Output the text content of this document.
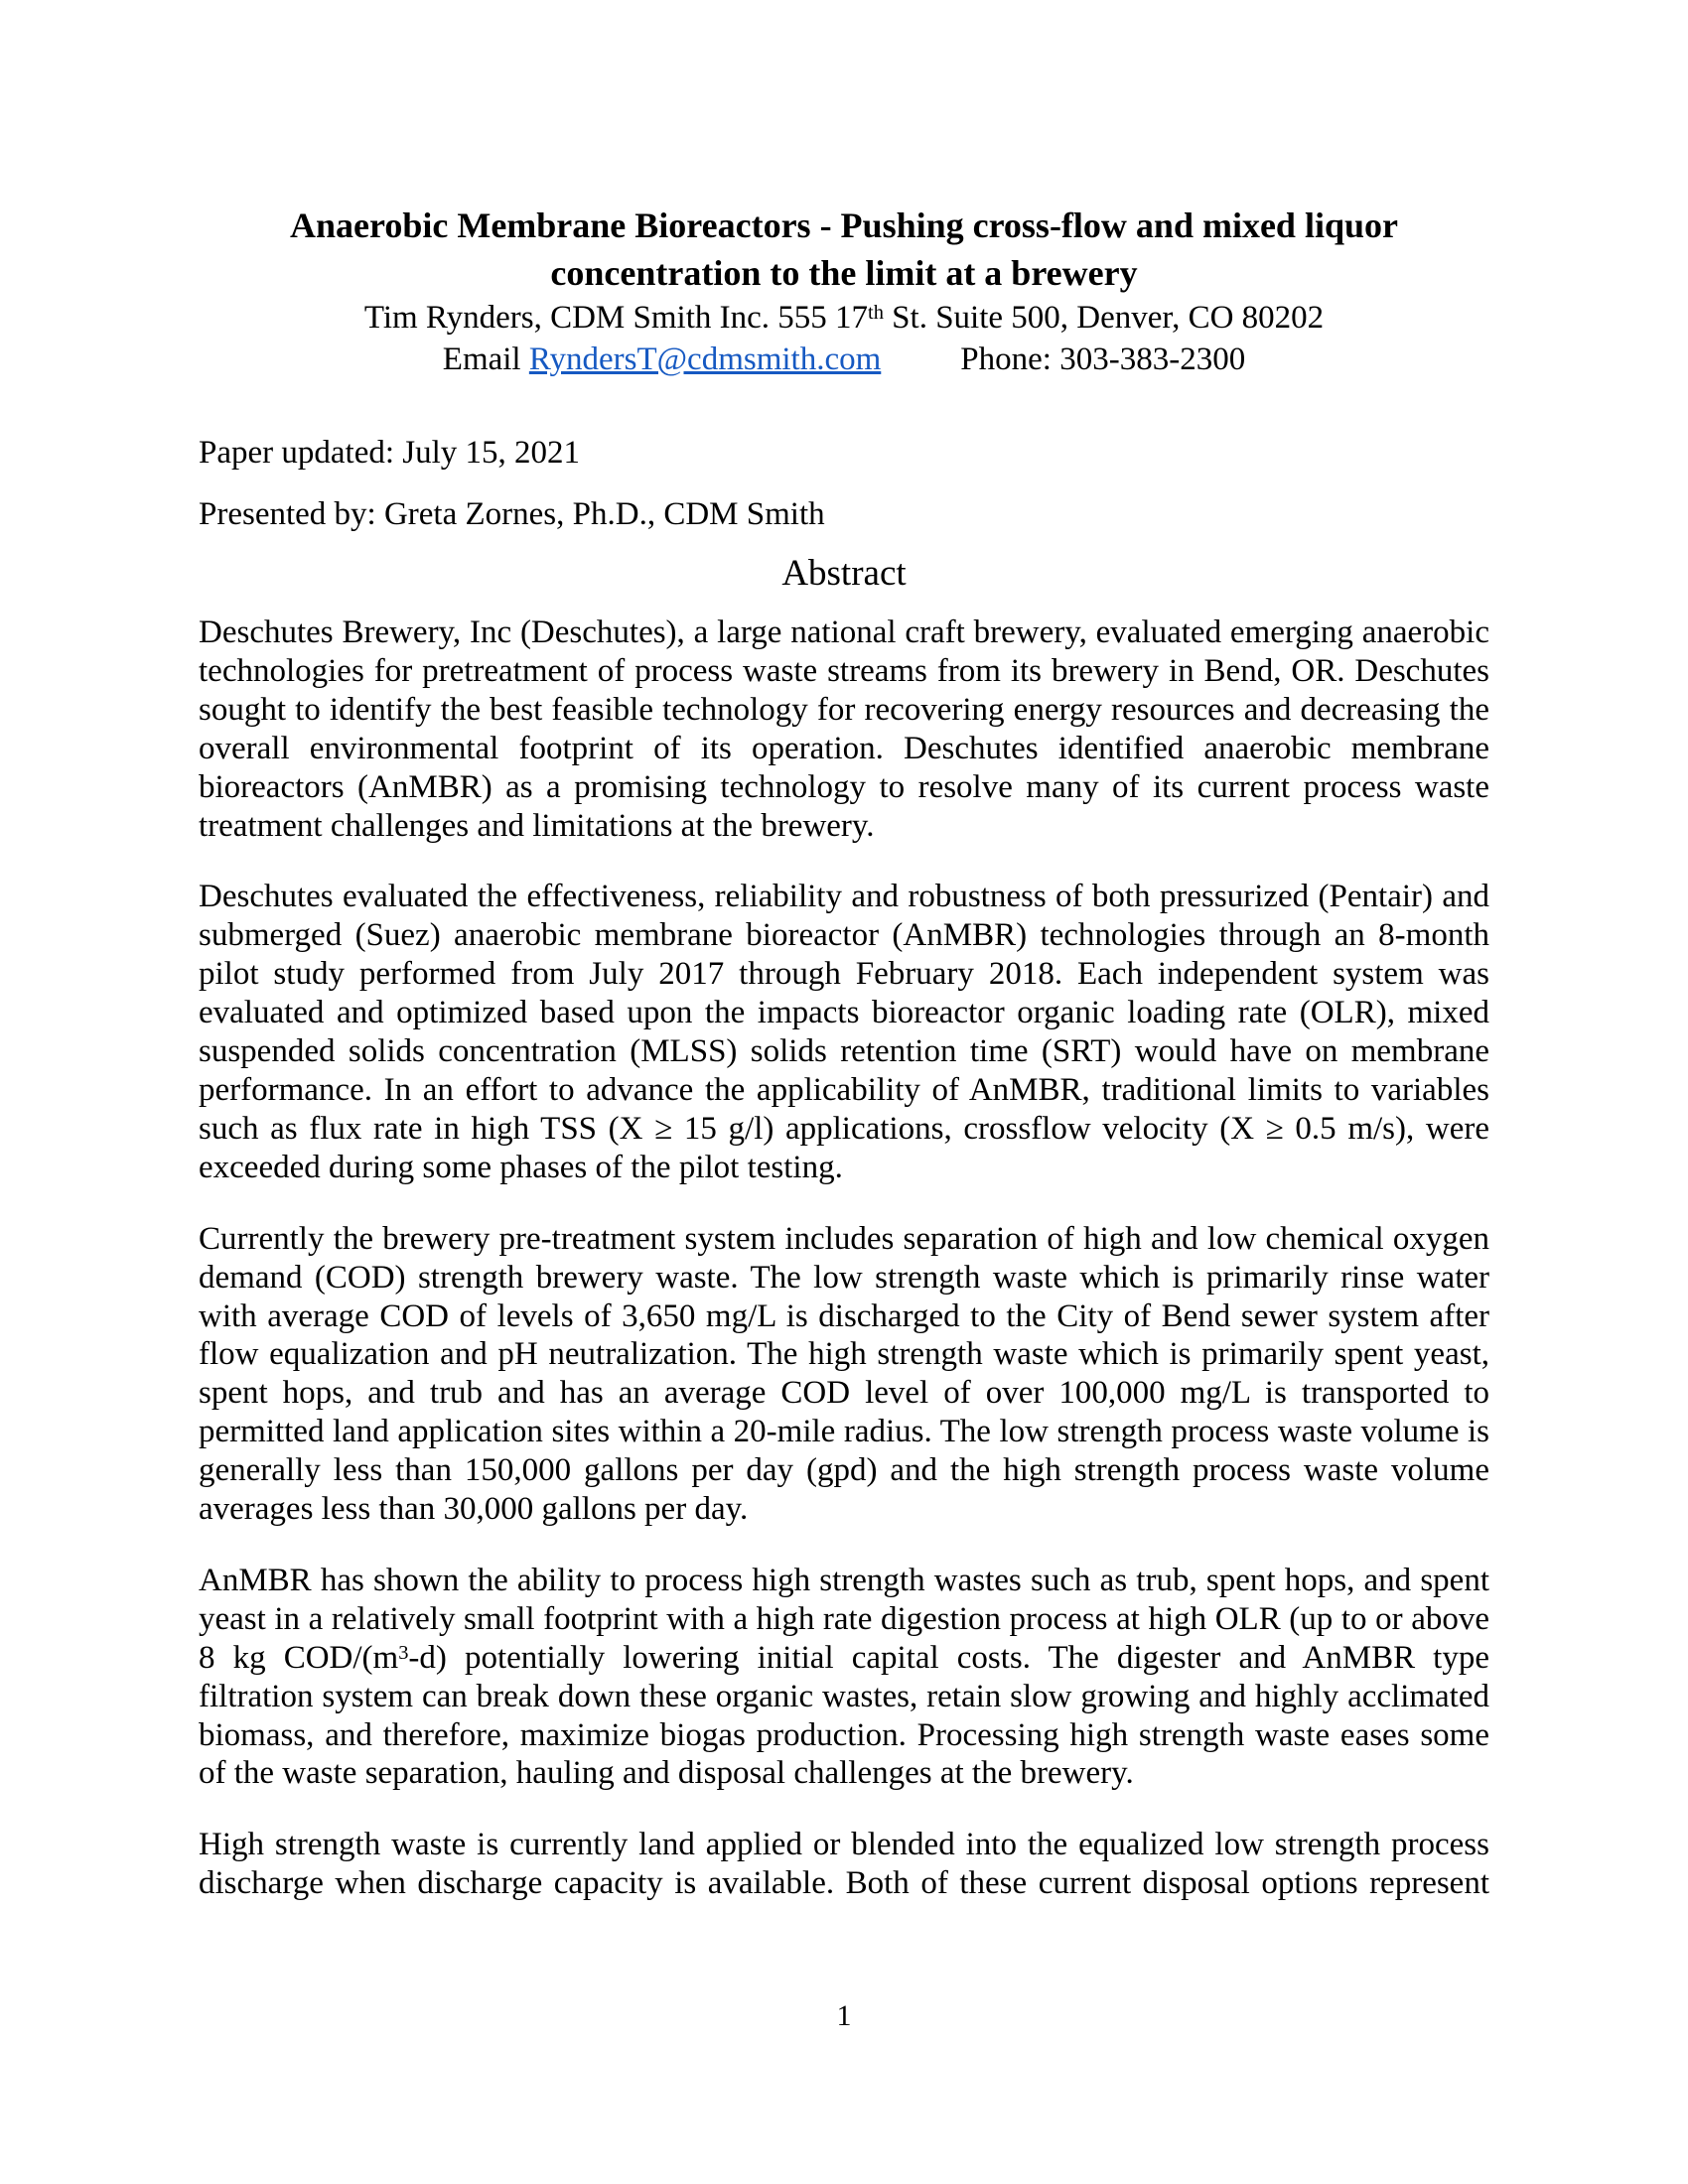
Anaerobic Membrane Bioreactors - Pushing cross-flow and mixed liquor concentration to the limit at a brewery
Tim Rynders, CDM Smith Inc. 555 17th St. Suite 500, Denver, CO 80202
Email RyndersT@cdmsmith.com Phone: 303-383-2300

Paper updated: July 15, 2021

Presented by: Greta Zornes, Ph.D., CDM Smith

Abstract

Deschutes Brewery, Inc (Deschutes), a large national craft brewery, evaluated emerging anaerobic technologies for pretreatment of process waste streams from its brewery in Bend, OR. Deschutes sought to identify the best feasible technology for recovering energy resources and decreasing the overall environmental footprint of its operation. Deschutes identified anaerobic membrane bioreactors (AnMBR) as a promising technology to resolve many of its current process waste treatment challenges and limitations at the brewery.

Deschutes evaluated the effectiveness, reliability and robustness of both pressurized (Pentair) and submerged (Suez) anaerobic membrane bioreactor (AnMBR) technologies through an 8-month pilot study performed from July 2017 through February 2018. Each independent system was evaluated and optimized based upon the impacts bioreactor organic loading rate (OLR), mixed suspended solids concentration (MLSS) solids retention time (SRT) would have on membrane performance. In an effort to advance the applicability of AnMBR, traditional limits to variables such as flux rate in high TSS (X ≥ 15 g/l) applications, crossflow velocity (X ≥ 0.5 m/s), were exceeded during some phases of the pilot testing.

Currently the brewery pre-treatment system includes separation of high and low chemical oxygen demand (COD) strength brewery waste. The low strength waste which is primarily rinse water with average COD of levels of 3,650 mg/L is discharged to the City of Bend sewer system after flow equalization and pH neutralization. The high strength waste which is primarily spent yeast, spent hops, and trub and has an average COD level of over 100,000 mg/L is transported to permitted land application sites within a 20-mile radius. The low strength process waste volume is generally less than 150,000 gallons per day (gpd) and the high strength process waste volume averages less than 30,000 gallons per day.

AnMBR has shown the ability to process high strength wastes such as trub, spent hops, and spent yeast in a relatively small footprint with a high rate digestion process at high OLR (up to or above 8 kg COD/$(m^3-d)$ potentially lowering initial capital costs. The digester and AnMBR type filtration system can break down these organic wastes, retain slow growing and highly acclimated biomass, and therefore, maximize biogas production. Processing high strength waste eases some of the waste separation, hauling and disposal challenges at the brewery.

High strength waste is currently land applied or blended into the equalized low strength process discharge when discharge capacity is available. Both of these current disposal options represent

1
